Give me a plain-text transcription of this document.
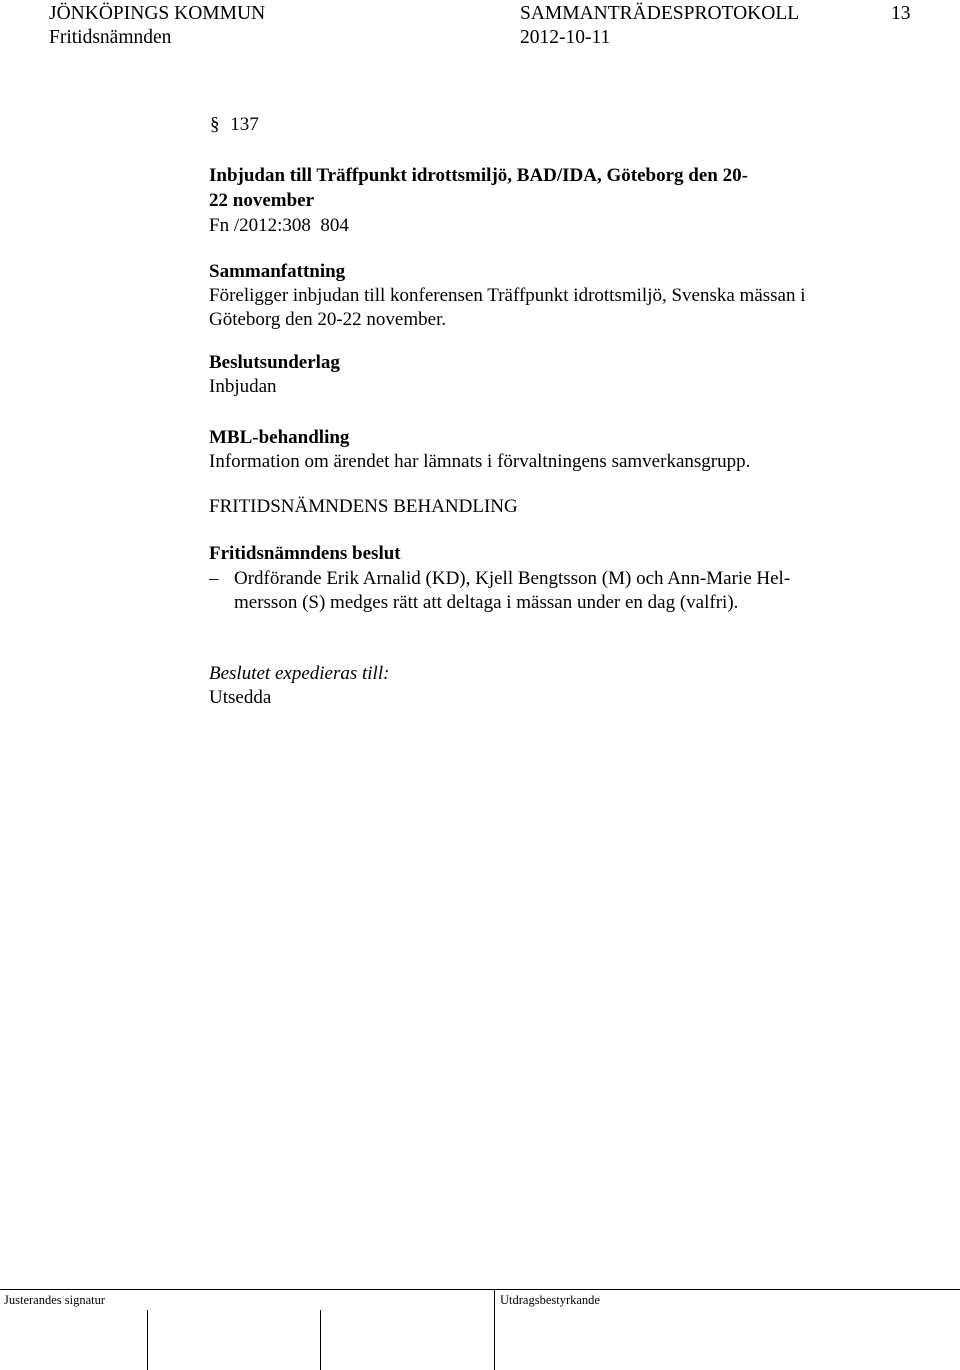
JÖNKÖPINGS KOMMUN	SAMMANTRÄDESPROTOKOLL	13
Fritidsnämnden	2012-10-11
§ 137
Inbjudan till Träffpunkt idrottsmiljö, BAD/IDA, Göteborg den 20-
22 november
Fn /2012:308  804
Sammanfattning
Föreligger inbjudan till konferensen Träffpunkt idrottsmiljö, Svenska mässan i
Göteborg den 20-22 november.
Beslutsunderlag
Inbjudan
MBL-behandling
Information om ärendet har lämnats i förvaltningens samverkansgrupp.
FRITIDSNÄMNDENS BEHANDLING
Fritidsnämndens beslut
– Ordförande Erik Arnalid (KD), Kjell Bengtsson (M) och Ann-Marie Hel-
mersson (S) medges rätt att deltaga i mässan under en dag (valfri).
Beslutet expedieras till:
Utsedda
Justerandes signatur	Utdragsbestyrkande
